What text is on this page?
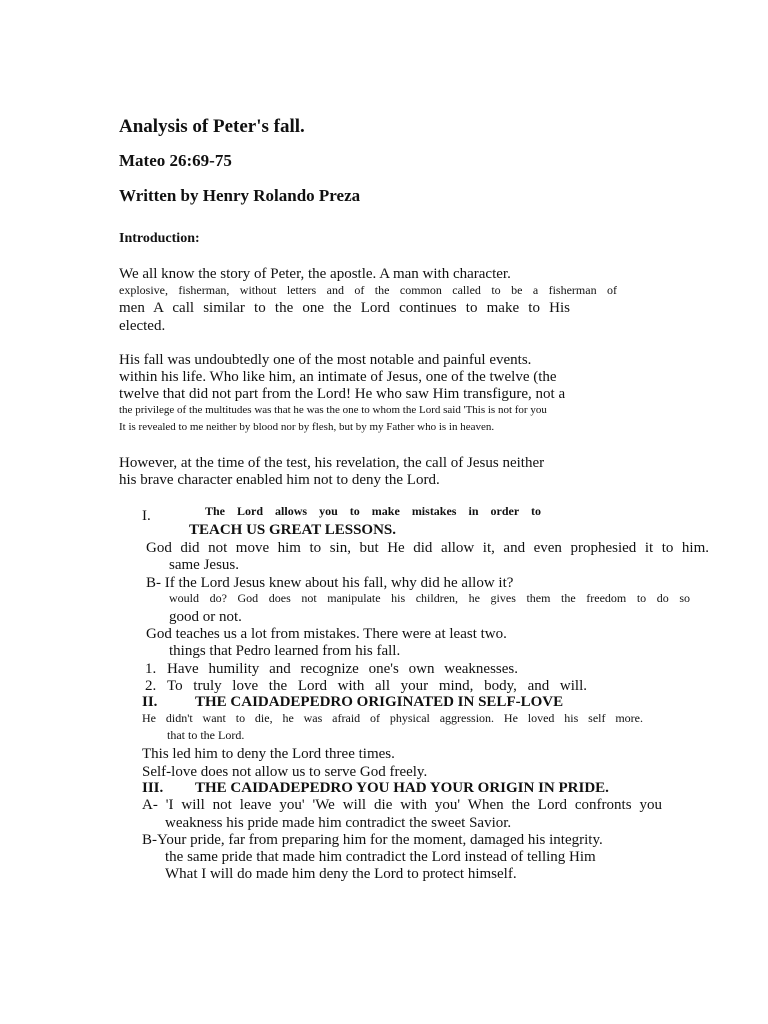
Analysis of Peter's fall.
Mateo 26:69-75
Written by Henry Rolando Preza
Introduction:
We all know the story of Peter, the apostle. A man with character.
explosive, fisherman, without letters and of the common called to be a fisherman of
men A call similar to the one the Lord continues to make to His
elected.
His fall was undoubtedly one of the most notable and painful events.
within his life. Who like him, an intimate of Jesus, one of the twelve (the
twelve that did not part from the Lord! He who saw Him transfigure, not a
the privilege of the multitudes was that he was the one to whom the Lord said 'This is not for you
It is revealed to me neither by blood nor by flesh, but by my Father who is in heaven.
However, at the time of the test, his revelation, the call of Jesus neither
his brave character enabled him not to deny the Lord.
I.	The Lord allows you to make mistakes in order to
TEACH US GREAT LESSONS.
God did not move him to sin, but He did allow it, and even prophesied it to him.
same Jesus.
B- If the Lord Jesus knew about his fall, why did he allow it?
would do? God does not manipulate his children, he gives them the freedom to do so
good or not.
God teaches us a lot from mistakes. There were at least two.
things that Pedro learned from his fall.
1. Have humility and recognize one's own weaknesses.
2. To truly love the Lord with all your mind, body, and will.
II.	THE CAIDADEPEDRO ORIGINATED IN SELF-LOVE
He didn't want to die, he was afraid of physical aggression. He loved his self more.
that to the Lord.
This led him to deny the Lord three times.
Self-love does not allow us to serve God freely.
III. THE CAIDADEPEDRO YOU HAD YOUR ORIGIN IN PRIDE.
A- 'I will not leave you' 'We will die with you' When the Lord confronts you
weakness his pride made him contradict the sweet Savior.
B-Your pride, far from preparing him for the moment, damaged his integrity.
the same pride that made him contradict the Lord instead of telling Him
What I will do made him deny the Lord to protect himself.
